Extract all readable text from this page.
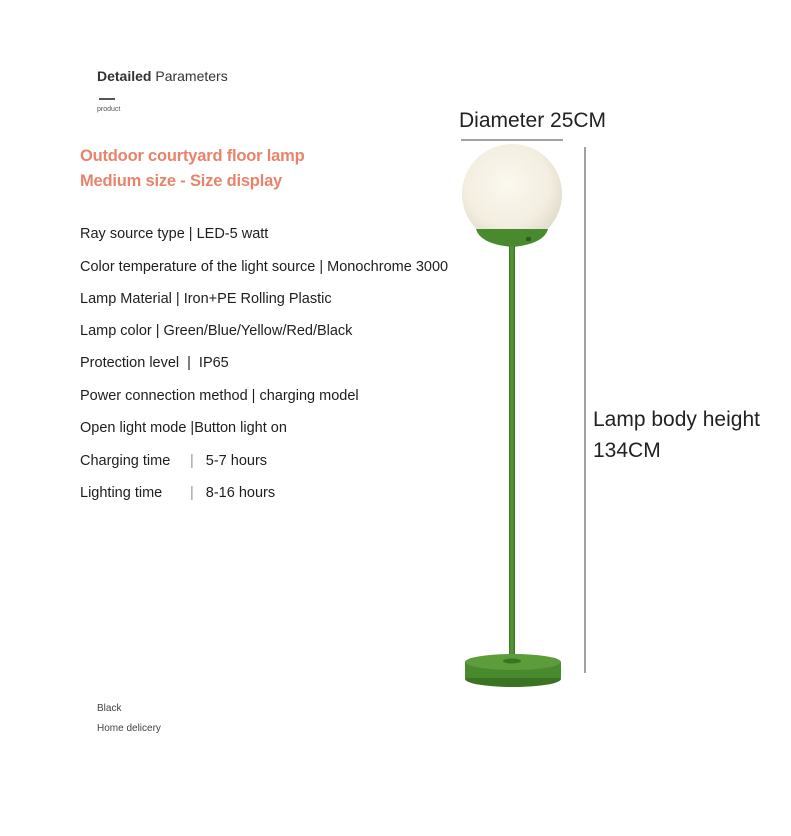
Detailed Parameters
product
Outdoor courtyard floor lamp
Medium size - Size display
Ray source type | LED-5 watt
Color temperature of the light source | Monochrome 3000
Lamp Material | Iron+PE Rolling Plastic
Lamp color | Green/Blue/Yellow/Red/Black
Protection level | IP65
Power connection method | charging model
Open light mode |Button light on
Charging time | 5-7 hours
Lighting time | 8-16 hours
Diameter 25CM
Lamp body height
134CM
Black
Home delicery
